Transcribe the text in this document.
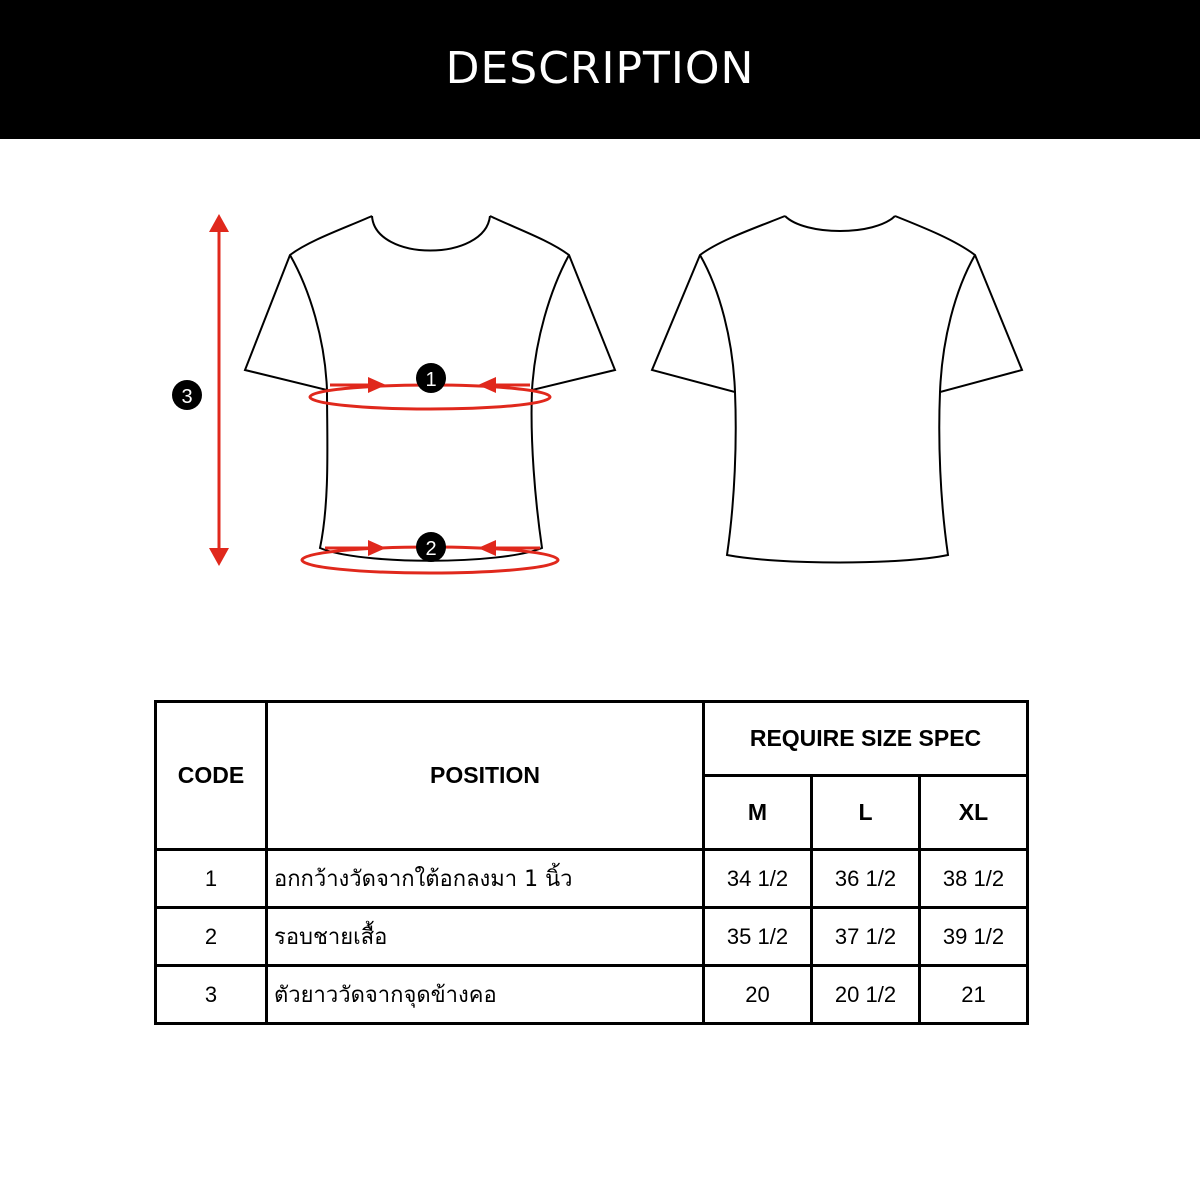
DESCRIPTION
1
2
3
CODE	POSITION	REQUIRE SIZE SPEC		
		M	L	XL
1	อกกว้างวัดจากใต้อกลงมา 1 นิ้ว	34 1/2	36 1/2	38 1/2
2	รอบชายเสื้อ	35 1/2	37 1/2	39 1/2
3	ตัวยาววัดจากจุดข้างคอ	20	20 1/2	21
